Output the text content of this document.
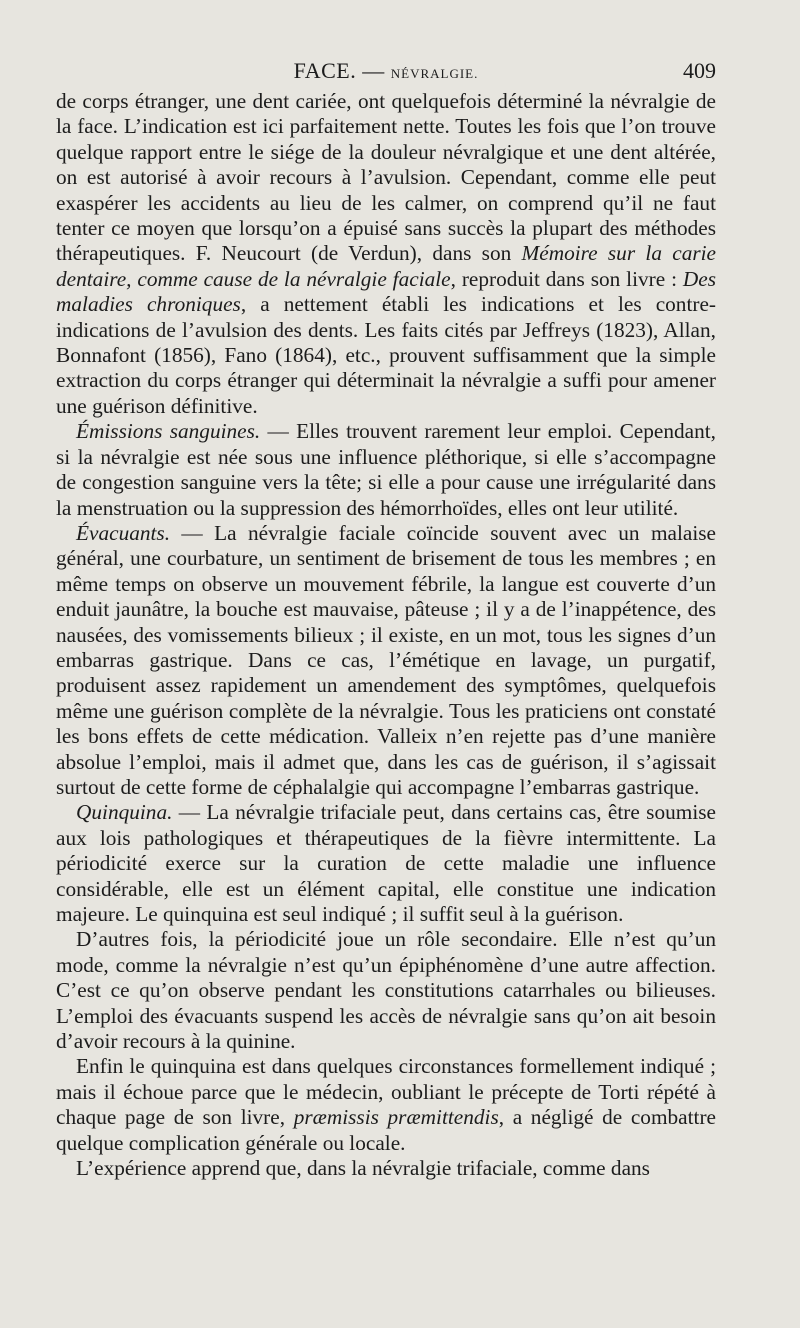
FACE. — NÉVRALGIE.	409

de corps étranger, une dent cariée, ont quelquefois déterminé la névralgie de la face. L’indication est ici parfaitement nette. Toutes les fois que l’on trouve quelque rapport entre le siége de la douleur névralgique et une dent altérée, on est autorisé à avoir recours à l’avulsion. Cependant, comme elle peut exaspérer les accidents au lieu de les calmer, on comprend qu’il ne faut tenter ce moyen que lorsqu’on a épuisé sans succès la plupart des méthodes thérapeutiques. F. Neucourt (de Verdun), dans son Mémoire sur la carie dentaire, comme cause de la névralgie faciale, reproduit dans son livre : Des maladies chroniques, a nettement établi les indications et les contre-indications de l’avulsion des dents. Les faits cités par Jeffreys (1823), Allan, Bonnafont (1856), Fano (1864), etc., prouvent suffisamment que la simple extraction du corps étranger qui déterminait la névralgie a suffi pour amener une guérison définitive.

Émissions sanguines. — Elles trouvent rarement leur emploi. Cependant, si la névralgie est née sous une influence pléthorique, si elle s’accompagne de congestion sanguine vers la tête; si elle a pour cause une irrégularité dans la menstruation ou la suppression des hémorrhoïdes, elles ont leur utilité.

Évacuants. — La névralgie faciale coïncide souvent avec un malaise général, une courbature, un sentiment de brisement de tous les membres ; en même temps on observe un mouvement fébrile, la langue est couverte d’un enduit jaunâtre, la bouche est mauvaise, pâteuse ; il y a de l’inappétence, des nausées, des vomissements bilieux ; il existe, en un mot, tous les signes d’un embarras gastrique. Dans ce cas, l’émétique en lavage, un purgatif, produisent assez rapidement un amendement des symptômes, quelquefois même une guérison complète de la névralgie. Tous les praticiens ont constaté les bons effets de cette médication. Valleix n’en rejette pas d’une manière absolue l’emploi, mais il admet que, dans les cas de guérison, il s’agissait surtout de cette forme de céphalalgie qui accompagne l’embarras gastrique.

Quinquina. — La névralgie trifaciale peut, dans certains cas, être soumise aux lois pathologiques et thérapeutiques de la fièvre intermittente. La périodicité exerce sur la curation de cette maladie une influence considérable, elle est un élément capital, elle constitue une indication majeure. Le quinquina est seul indiqué ; il suffit seul à la guérison.

D’autres fois, la périodicité joue un rôle secondaire. Elle n’est qu’un mode, comme la névralgie n’est qu’un épiphénomène d’une autre affection. C’est ce qu’on observe pendant les constitutions catarrhales ou bilieuses. L’emploi des évacuants suspend les accès de névralgie sans qu’on ait besoin d’avoir recours à la quinine.

Enfin le quinquina est dans quelques circonstances formellement indiqué ; mais il échoue parce que le médecin, oubliant le précepte de Torti répété à chaque page de son livre, præmissis præmittendis, a négligé de combattre quelque complication générale ou locale.

L’expérience apprend que, dans la névralgie trifaciale, comme dans
